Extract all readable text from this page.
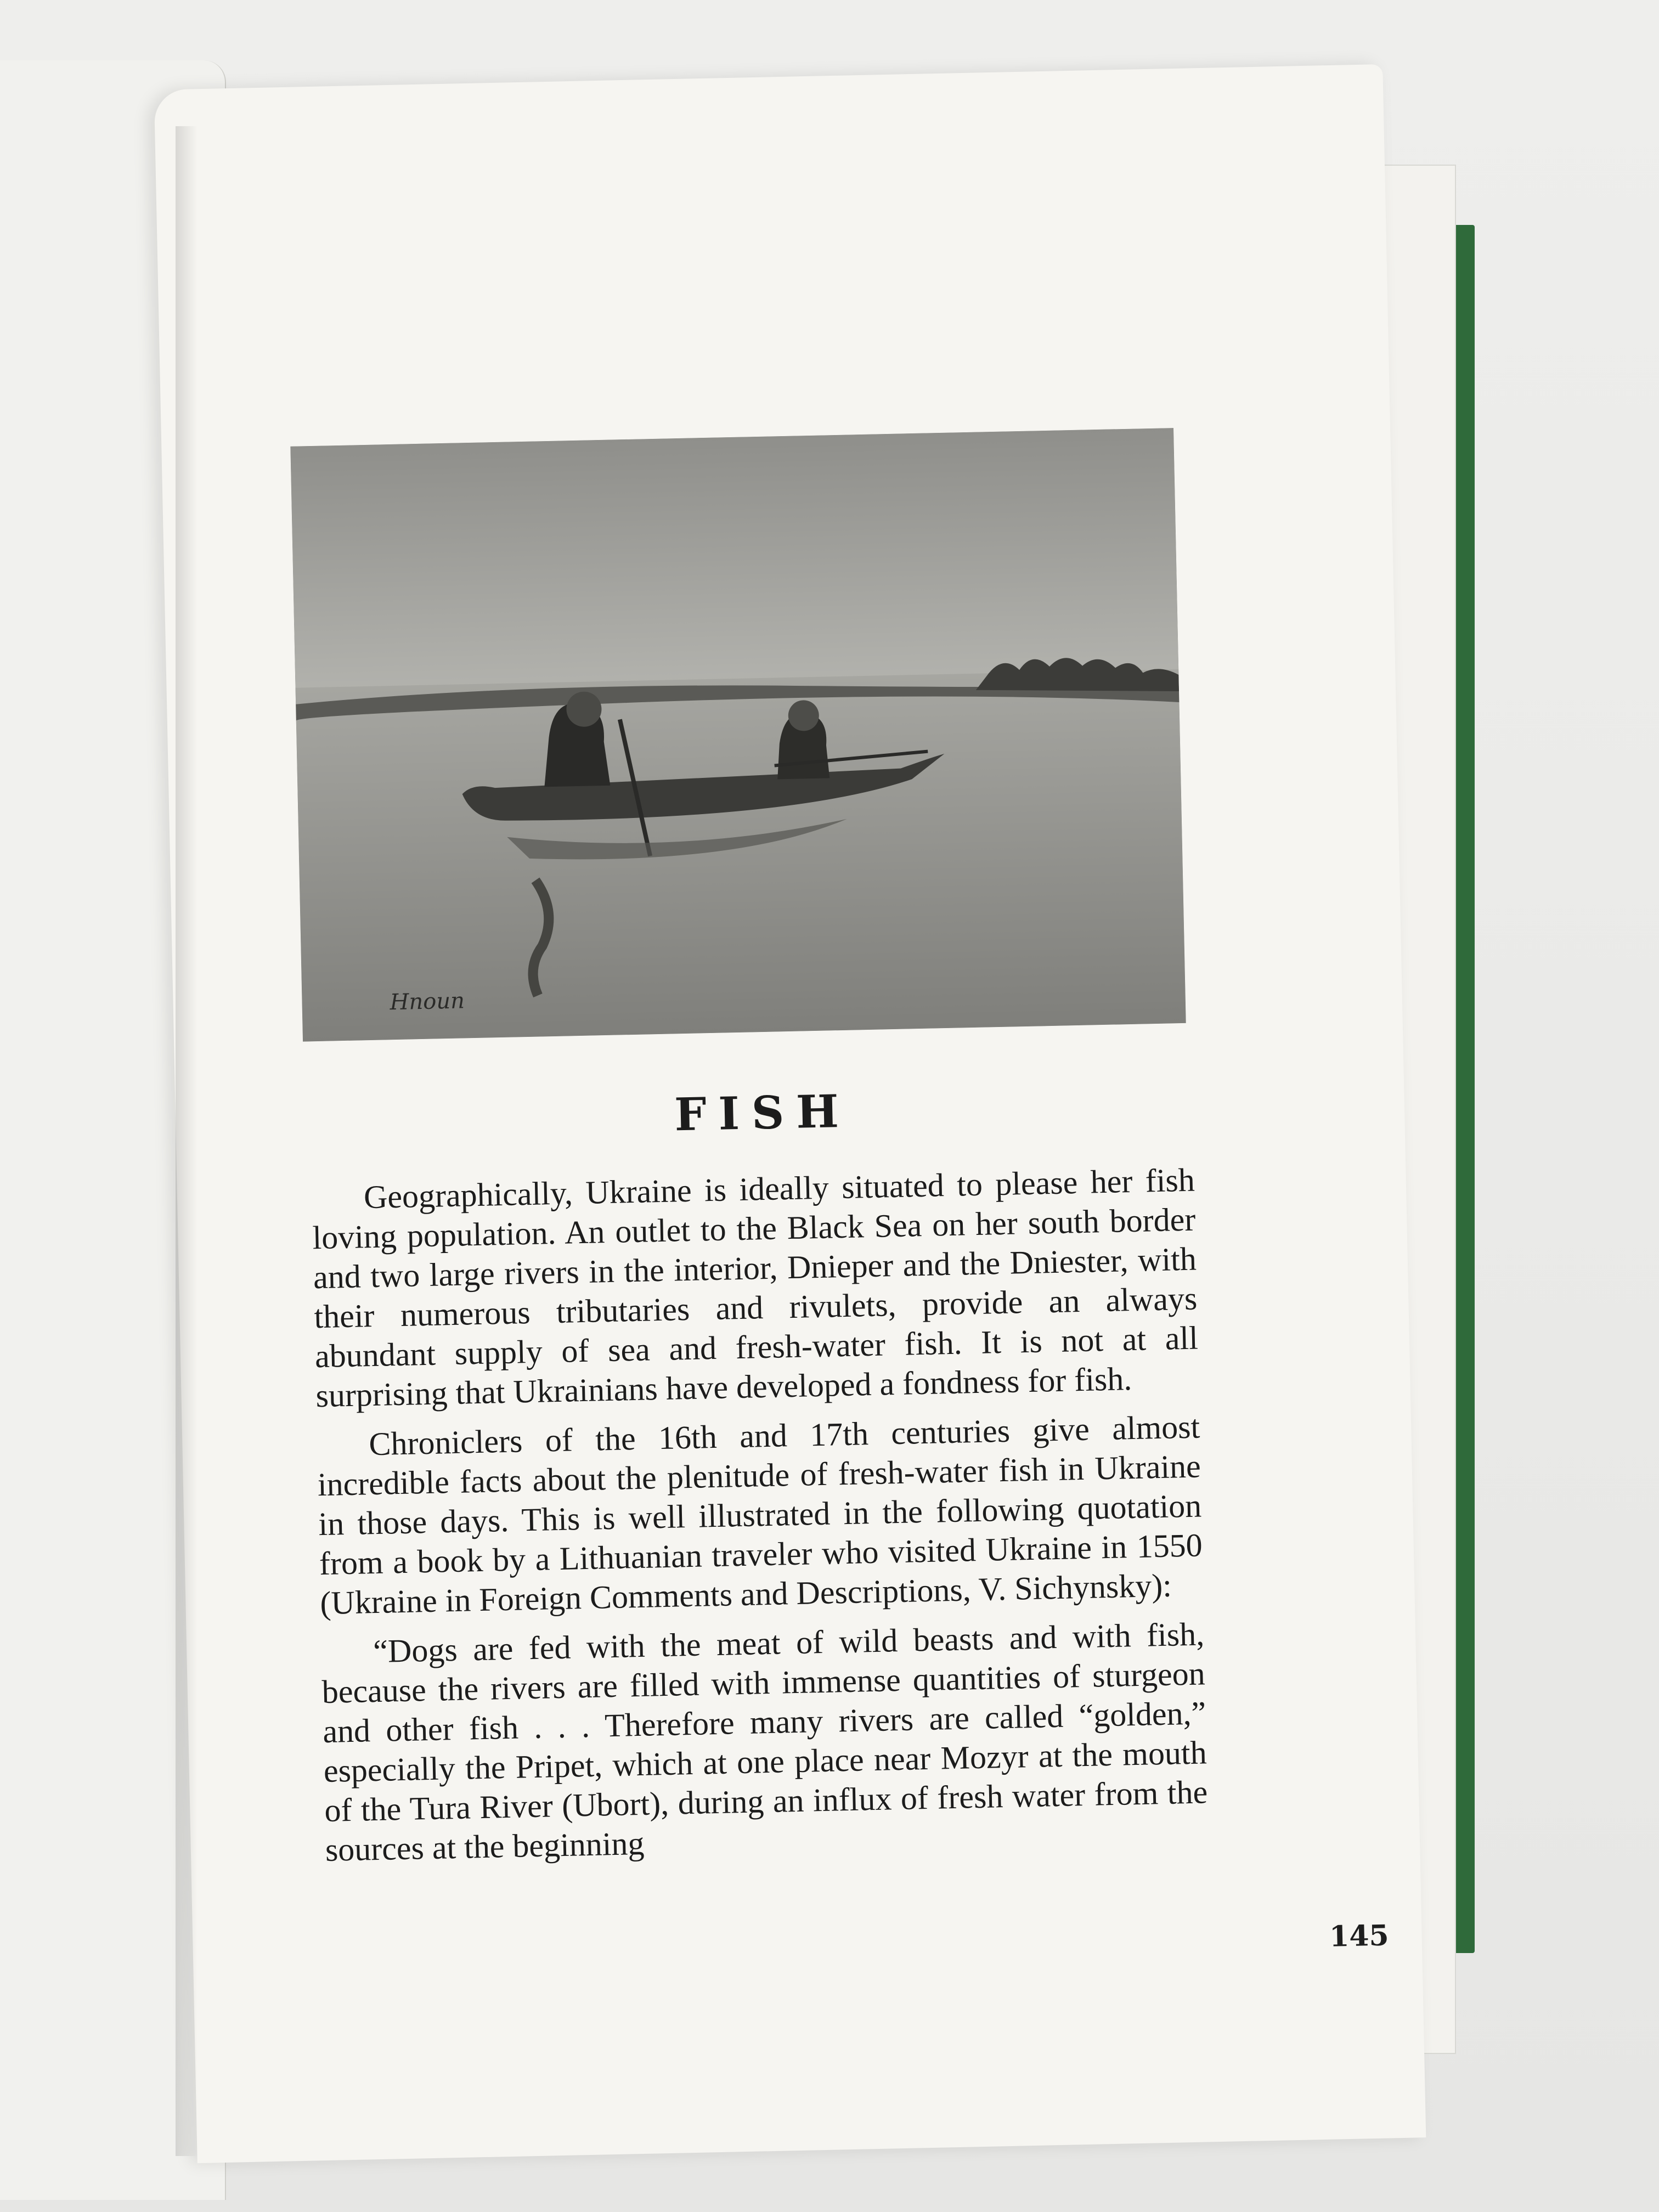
Hnoun
FISH

Geographically, Ukraine is ideally situated to please her fish loving population. An outlet to the Black Sea on her south border and two large rivers in the interior, Dnieper and the Dniester, with their numerous tributaries and rivulets, provide an always abundant supply of sea and fresh-water fish. It is not at all surprising that Ukrainians have developed a fondness for fish.

Chroniclers of the 16th and 17th centuries give almost incredible facts about the plenitude of fresh-water fish in Ukraine in those days. This is well illustrated in the following quotation from a book by a Lithuanian traveler who visited Ukraine in 1550 (Ukraine in Foreign Comments and Descriptions, V. Sichynsky):

“Dogs are fed with the meat of wild beasts and with fish, because the rivers are filled with immense quantities of sturgeon and other fish . . . Therefore many rivers are called “golden,” especially the Pripet, which at one place near Mozyr at the mouth of the Tura River (Ubort), during an influx of fresh water from the sources at the beginning

145
